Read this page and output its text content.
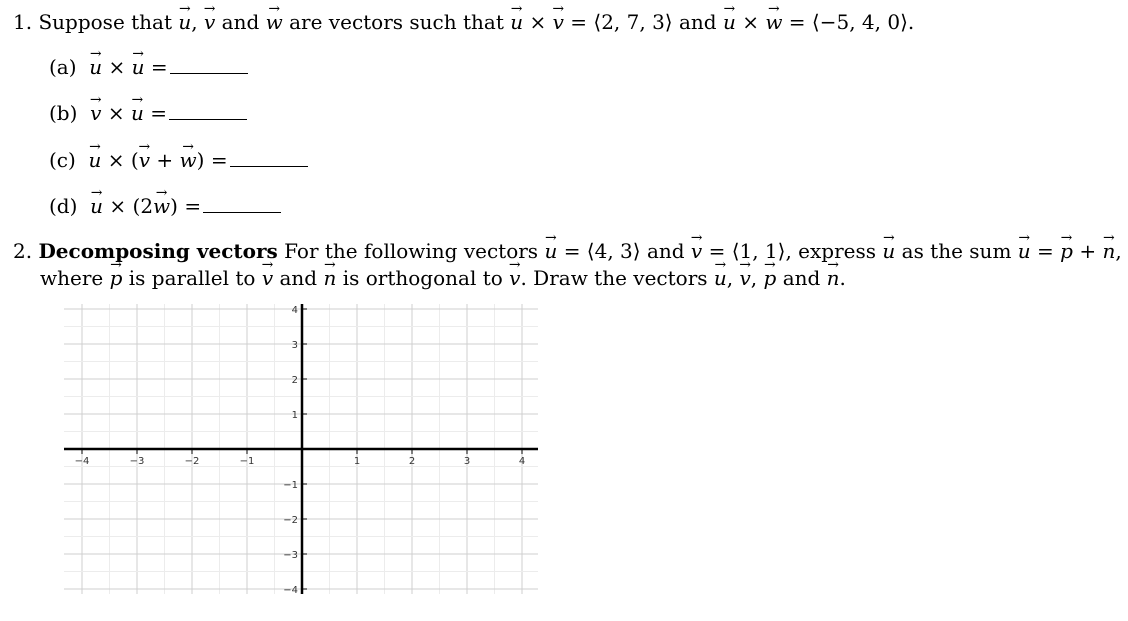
1. Suppose that → u, → v and → w are vectors such that → u × → v = ⟨2, 7, 3⟩ and → u × → w = ⟨−5, 4, 0⟩.
(a) → u × → u =
(b) → v × → u =
(c) → u × (→ v + → w) =
(d) → u × (2→ w) =
2. Decomposing vectors For the following vectors → u = ⟨4, 3⟩ and → v = ⟨1, 1⟩, express → u as the sum → u = → p + → n,
where → p is parallel to → v and → n is orthogonal to → v. Draw the vectors → u, → v, → p and → n.
−4	−3	−2	−1	1	2	3	4
4
3
2
1
−1
−2
−3
−4
